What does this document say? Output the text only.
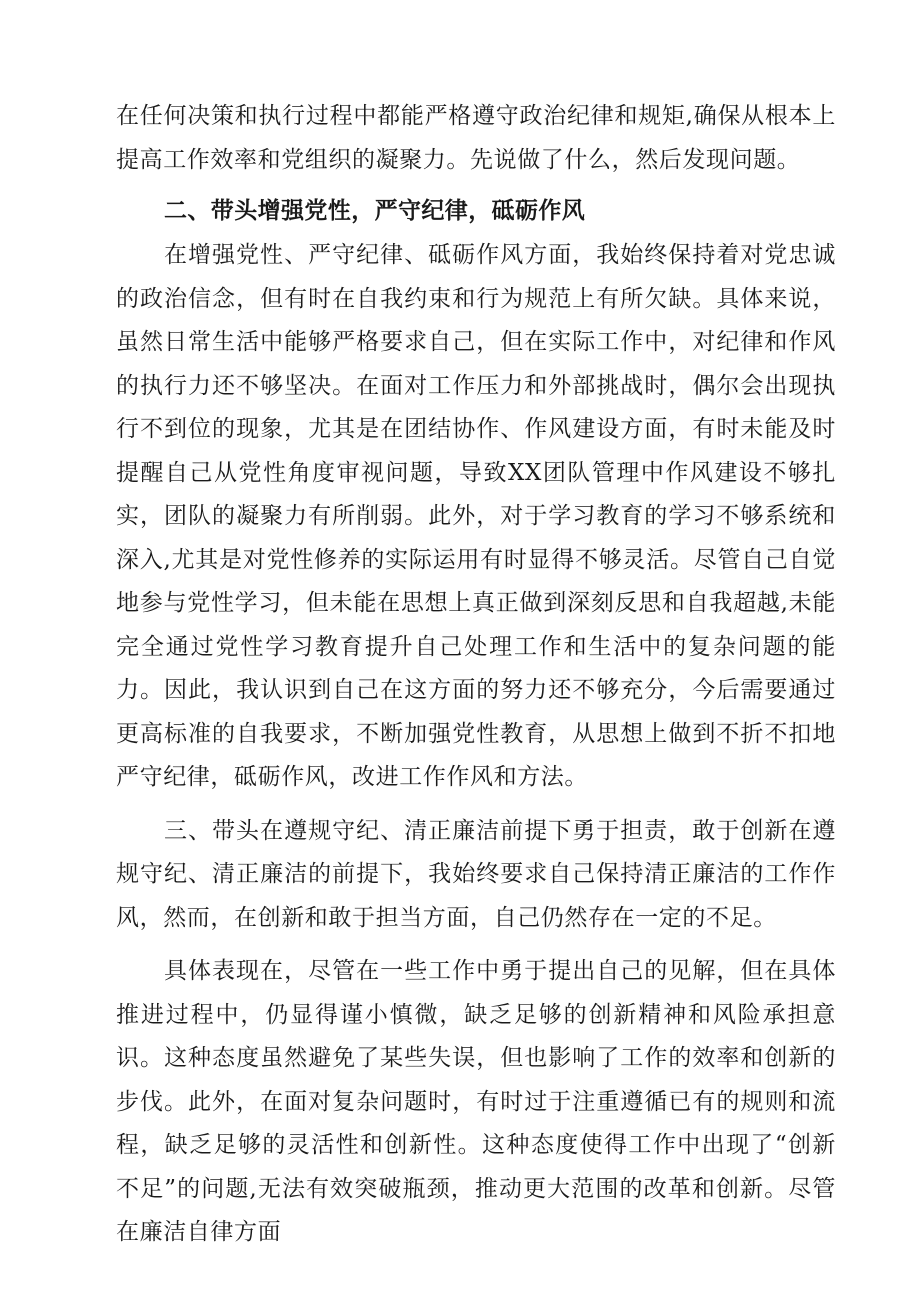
在任何决策和执行过程中都能严格遵守政治纪律和规矩,确保从根本上提高工作效率和党组织的凝聚力。先说做了什么，然后发现问题。

二、带头增强党性，严守纪律，砥砺作风

在增强党性、严守纪律、砥砺作风方面，我始终保持着对党忠诚的政治信念，但有时在自我约束和行为规范上有所欠缺。具体来说，虽然日常生活中能够严格要求自己，但在实际工作中，对纪律和作风的执行力还不够坚决。在面对工作压力和外部挑战时，偶尔会出现执行不到位的现象，尤其是在团结协作、作风建设方面，有时未能及时提醒自己从党性角度审视问题，导致XX团队管理中作风建设不够扎实，团队的凝聚力有所削弱。此外，对于学习教育的学习不够系统和深入,尤其是对党性修养的实际运用有时显得不够灵活。尽管自己自觉地参与党性学习，但未能在思想上真正做到深刻反思和自我超越,未能完全通过党性学习教育提升自己处理工作和生活中的复杂问题的能力。因此，我认识到自己在这方面的努力还不够充分，今后需要通过更高标准的自我要求，不断加强党性教育，从思想上做到不折不扣地严守纪律，砥砺作风，改进工作作风和方法。

三、带头在遵规守纪、清正廉洁前提下勇于担责，敢于创新在遵规守纪、清正廉洁的前提下，我始终要求自己保持清正廉洁的工作作风，然而，在创新和敢于担当方面，自己仍然存在一定的不足。

具体表现在，尽管在一些工作中勇于提出自己的见解，但在具体推进过程中，仍显得谨小慎微，缺乏足够的创新精神和风险承担意识。这种态度虽然避免了某些失误，但也影响了工作的效率和创新的步伐。此外，在面对复杂问题时，有时过于注重遵循已有的规则和流程，缺乏足够的灵活性和创新性。这种态度使得工作中出现了“创新不足”的问题,无法有效突破瓶颈，推动更大范围的改革和创新。尽管在廉洁自律方面
